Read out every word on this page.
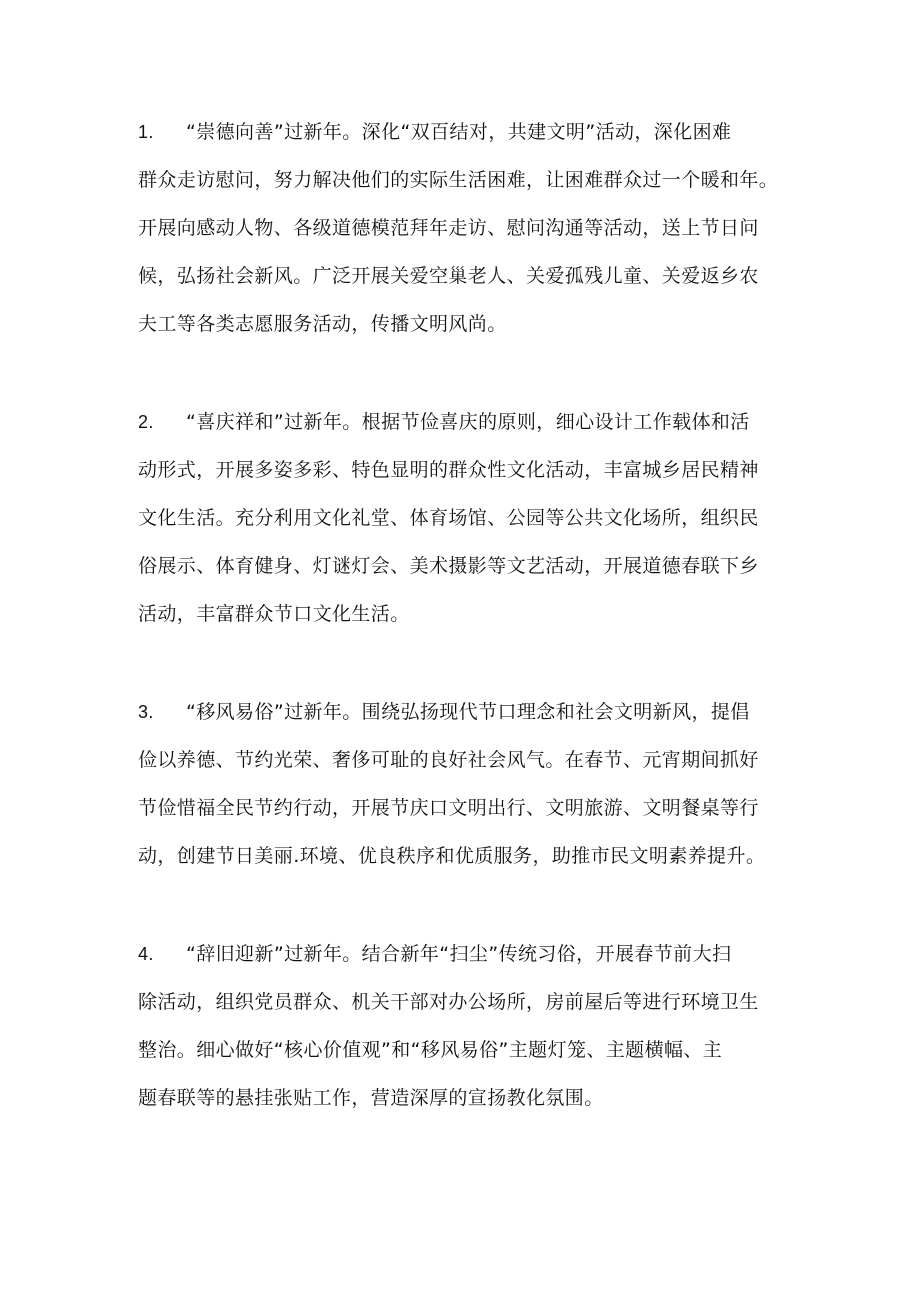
1. “崇德向善”过新年。深化“双百结对，共建文明”活动，深化困难
群众走访慰问，努力解决他们的实际生活困难，让困难群众过一个暖和年。
开展向感动人物、各级道德模范拜年走访、慰问沟通等活动，送上节日问
候，弘扬社会新风。广泛开展关爱空巢老人、关爱孤残儿童、关爱返乡农
夫工等各类志愿服务活动，传播文明风尚。
2. “喜庆祥和”过新年。根据节俭喜庆的原则，细心设计工作载体和活
动形式，开展多姿多彩、特色显明的群众性文化活动，丰富城乡居民精神
文化生活。充分利用文化礼堂、体育场馆、公园等公共文化场所，组织民
俗展示、体育健身、灯谜灯会、美术摄影等文艺活动，开展道德春联下乡
活动，丰富群众节口文化生活。
3. “移风易俗”过新年。围绕弘扬现代节口理念和社会文明新风，提倡
俭以养德、节约光荣、奢侈可耻的良好社会风气。在春节、元宵期间抓好
节俭惜福全民节约行动，开展节庆口文明出行、文明旅游、文明餐桌等行
动，创建节日美丽.环境、优良秩序和优质服务，助推市民文明素养提升。
4. “辞旧迎新”过新年。结合新年“扫尘”传统习俗，开展春节前大扫
除活动，组织党员群众、机关干部对办公场所，房前屋后等进行环境卫生
整治。细心做好“核心价值观”和“移风易俗”主题灯笼、主题横幅、主
题春联等的悬挂张贴工作，营造深厚的宣扬教化氛围。
